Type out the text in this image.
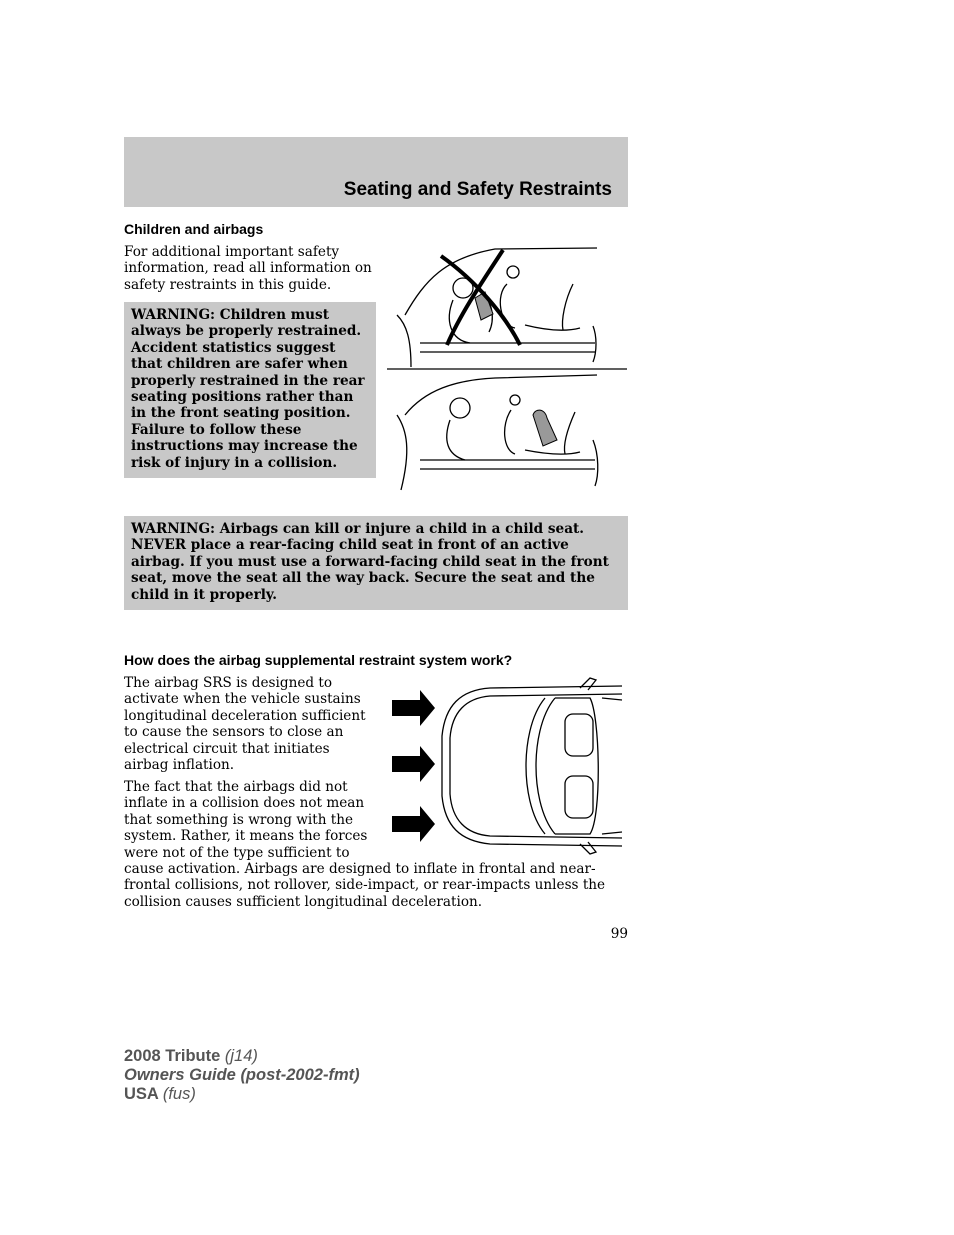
Seating and Safety Restraints
Children and airbags

For additional important safety information, read all information on safety restraints in this guide.

WARNING: Children must always be properly restrained. Accident statistics suggest that children are safer when properly restrained in the rear seating positions rather than in the front seating position. Failure to follow these instructions may increase the risk of injury in a collision.
WARNING: Airbags can kill or injure a child in a child seat. NEVER place a rear-facing child seat in front of an active airbag. If you must use a forward-facing child seat in the front seat, move the seat all the way back. Secure the seat and the child in it properly.
How does the airbag supplemental restraint system work?

The airbag SRS is designed to activate when the vehicle sustains longitudinal deceleration sufficient to cause the sensors to close an electrical circuit that initiates airbag inflation.

The fact that the airbags did not inflate in a collision does not mean that something is wrong with the system. Rather, it means the forces were not of the type sufficient to

cause activation. Airbags are designed to inflate in frontal and near-frontal collisions, not rollover, side-impact, or rear-impacts unless the collision causes sufficient longitudinal deceleration.

99
2008 Tribute (j14)
Owners Guide (post-2002-fmt)
USA (fus)
